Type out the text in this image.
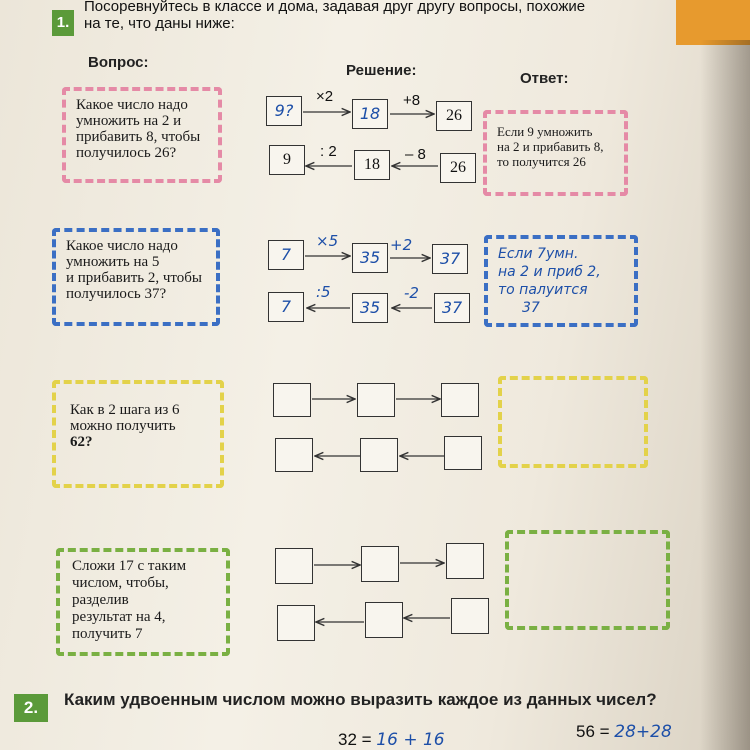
1.
Посоревнуйтесь в классе и дома, задавая друг другу вопросы, похожие
на те, что даны ниже:
Вопрос:	Решение:	Ответ:
Какое число надо
умножить на 2 и
прибавить 8, чтобы
получилось 26?
9?	18	26
×2	+8
9	18	26
: 2	– 8
Если 9 умножить
на 2 и прибавить 8,
то получится 26
Какое число надо
умножить на 5
и прибавить 2, чтобы
получилось 37?
7	35	37
×5	+2
7	35	37
:5	-2
Если 7умн.
на 2 и приб 2,
то палуится
37
Как в 2 шага из 6
можно получить
62?
Сложи 17 с таким
числом, чтобы,
разделив
результат на 4,
получить 7
2.	Каким удвоенным числом можно выразить каждое из данных чисел?
32 = 16 + 16	56 = 28+28
